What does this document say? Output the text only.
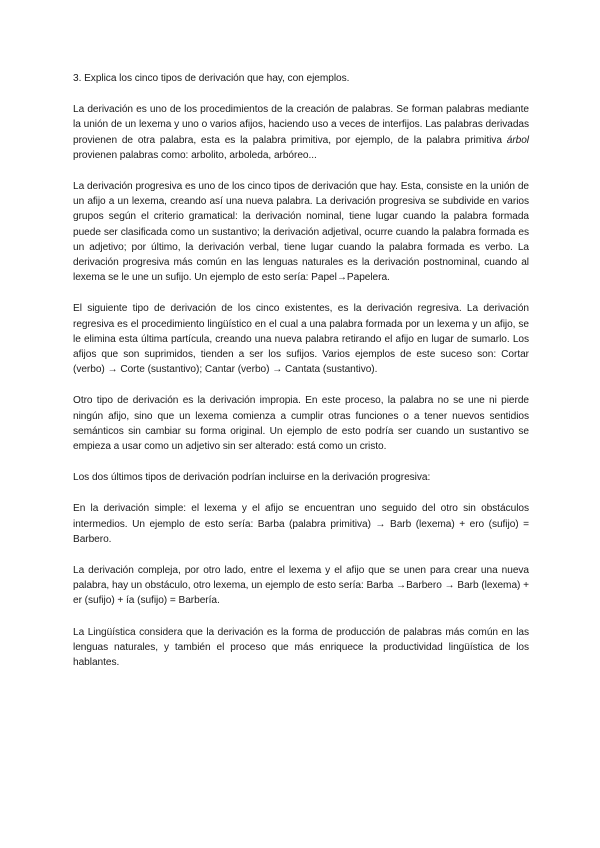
3. Explica los cinco tipos de derivación que hay, con ejemplos.

La derivación es uno de los procedimientos de la creación de palabras. Se forman palabras mediante la unión de un lexema y uno o varios afijos, haciendo uso a veces de interfijos. Las palabras derivadas provienen de otra palabra, esta es la palabra primitiva, por ejemplo, de la palabra primitiva árbol provienen palabras como: arbolito, arboleda, arbóreo...

La derivación progresiva es uno de los cinco tipos de derivación que hay. Esta, consiste en la unión de un afijo a un lexema, creando así una nueva palabra. La derivación progresiva se subdivide en varios grupos según el criterio gramatical: la derivación nominal, tiene lugar cuando la palabra formada puede ser clasificada como un sustantivo; la derivación adjetival, ocurre cuando la palabra formada es un adjetivo; por último, la derivación verbal, tiene lugar cuando la palabra formada es verbo. La derivación progresiva más común en las lenguas naturales es la derivación postnominal, cuando al lexema se le une un sufijo. Un ejemplo de esto sería: Papel→Papelera.

El siguiente tipo de derivación de los cinco existentes, es la derivación regresiva. La derivación regresiva es el procedimiento lingüístico en el cual a una palabra formada por un lexema y un afijo, se le elimina esta última partícula, creando una nueva palabra retirando el afijo en lugar de sumarlo. Los afijos que son suprimidos, tienden a ser los sufijos. Varios ejemplos de este suceso son: Cortar (verbo) → Corte (sustantivo); Cantar (verbo) → Cantata (sustantivo).

Otro tipo de derivación es la derivación impropia. En este proceso, la palabra no se une ni pierde ningún afijo, sino que un lexema comienza a cumplir otras funciones o a tener nuevos sentidios semánticos sin cambiar su forma original. Un ejemplo de esto podría ser cuando un sustantivo se empieza a usar como un adjetivo sin ser alterado: está como un cristo.

Los dos últimos tipos de derivación podrían incluirse en la derivación progresiva:

En la derivación simple: el lexema y el afijo se encuentran uno seguido del otro sin obstáculos intermedios. Un ejemplo de esto sería: Barba (palabra primitiva) → Barb (lexema) + ero (sufijo) = Barbero.

La derivación compleja, por otro lado, entre el lexema y el afijo que se unen para crear una nueva palabra, hay un obstáculo, otro lexema, un ejemplo de esto sería: Barba →Barbero → Barb (lexema) + er (sufijo) + ía (sufijo) = Barbería.

La Lingüística considera que la derivación es la forma de producción de palabras más común en las lenguas naturales, y también el proceso que más enriquece la productividad lingüística de los hablantes.
